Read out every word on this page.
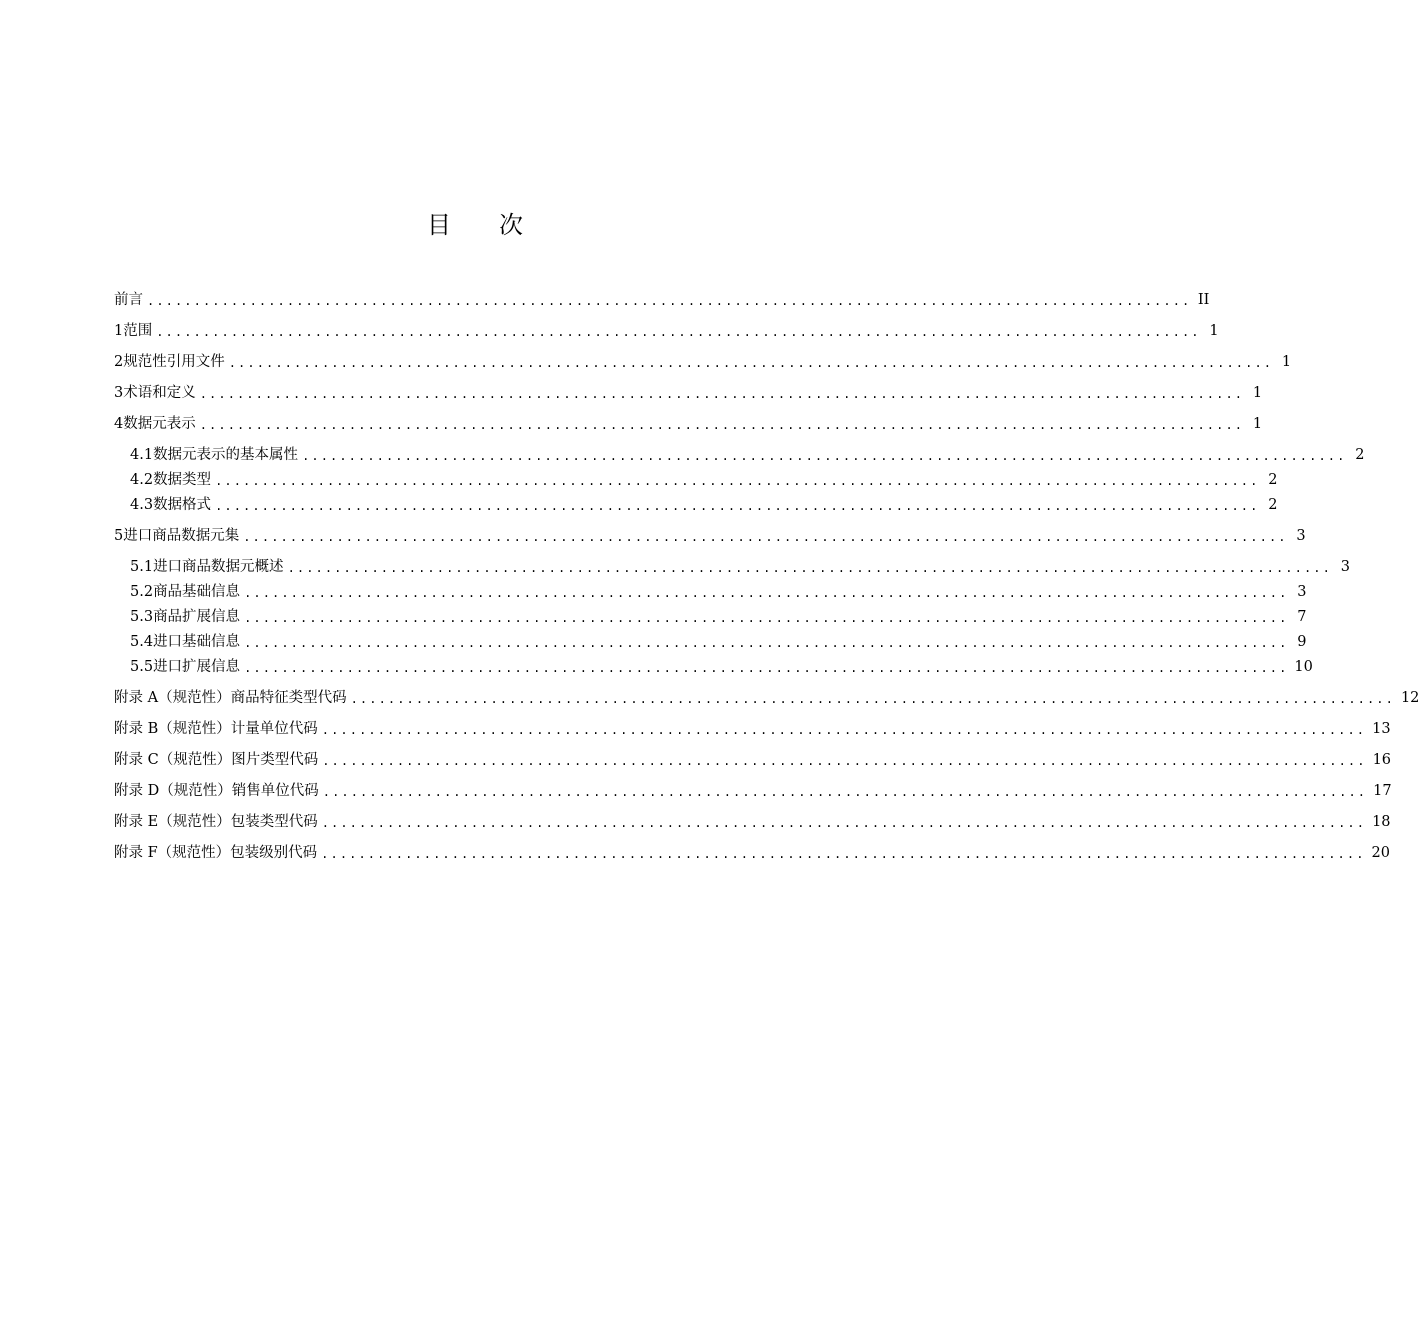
目次
前言 ................................................................................................................ II
1 范围 ................................................................................................................ 1
2 规范性引用文件 ................................................................................................................ 1
3 术语和定义 ................................................................................................................ 1
4 数据元表示 ................................................................................................................ 1
4.1 数据元表示的基本属性 ................................................................................................................ 2
4.2 数据类型 ................................................................................................................ 2
4.3 数据格式 ................................................................................................................ 2
5 进口商品数据元集 ................................................................................................................ 3
5.1 进口商品数据元概述 ................................................................................................................ 3
5.2 商品基础信息 ................................................................................................................ 3
5.3 商品扩展信息 ................................................................................................................ 7
5.4 进口基础信息 ................................................................................................................ 9
5.5 进口扩展信息 ................................................................................................................ 10
附录 A （规范性） 商品特征类型代码 ................................................................................................................ 12
附录 B （规范性） 计量单位代码 ................................................................................................................ 13
附录 C （规范性） 图片类型代码 ................................................................................................................ 16
附录 D （规范性） 销售单位代码 ................................................................................................................ 17
附录 E （规范性） 包装类型代码 ................................................................................................................ 18
附录 F （规范性） 包装级别代码 ................................................................................................................ 20
